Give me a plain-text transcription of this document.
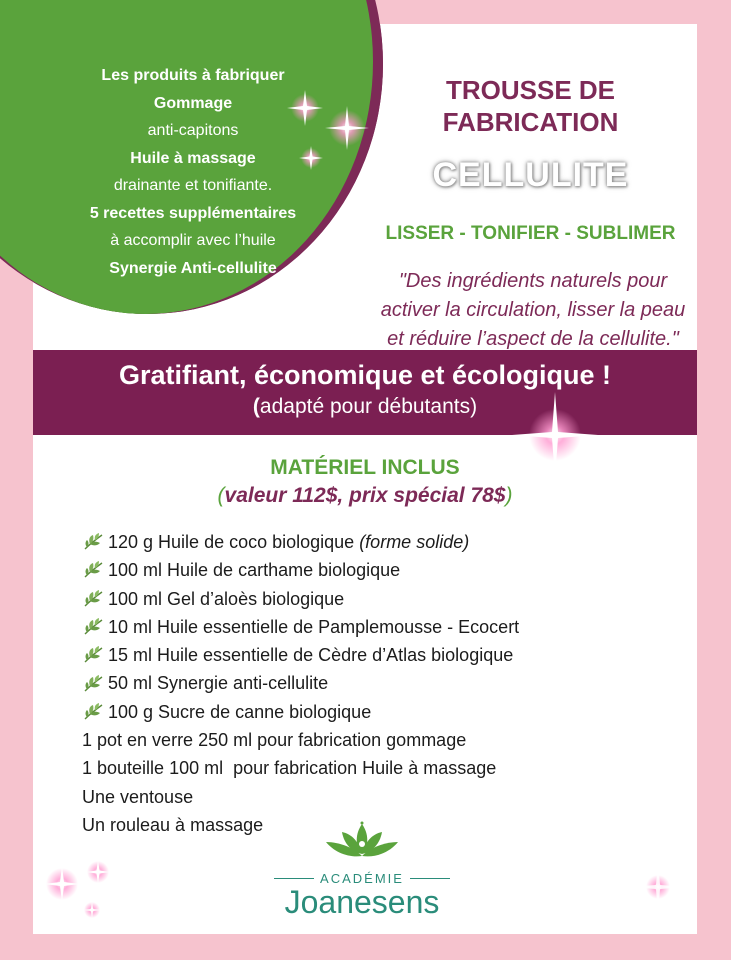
TROUSSE DE
FABRICATION
CELLULITE
LISSER - TONIFIER - SUBLIMER
"Des ingrédients naturels pour
activer la circulation, lisser la peau
et réduire l’aspect de la cellulite."
Les produits à fabriquer
Gommage
anti-capitons
Huile à massage
drainante et tonifiante.
5 recettes supplémentaires
à accomplir avec l’huile
Synergie Anti-cellulite
Gratifiant, économique et écologique !
(adapté pour débutants)
MATÉRIEL INCLUS
(valeur 112$, prix spécial 78$)
120 g Huile de coco biologique (forme solide)
100 ml Huile de carthame biologique
100 ml Gel d’aloès biologique
10 ml Huile essentielle de Pamplemousse - Ecocert
15 ml Huile essentielle de Cèdre d’Atlas biologique
50 ml Synergie anti-cellulite
100 g Sucre de canne biologique
1 pot en verre 250 ml pour fabrication gommage
1 bouteille 100 ml  pour fabrication Huile à massage
Une ventouse
Un rouleau à massage
ACADÉMIE
Joanesens
